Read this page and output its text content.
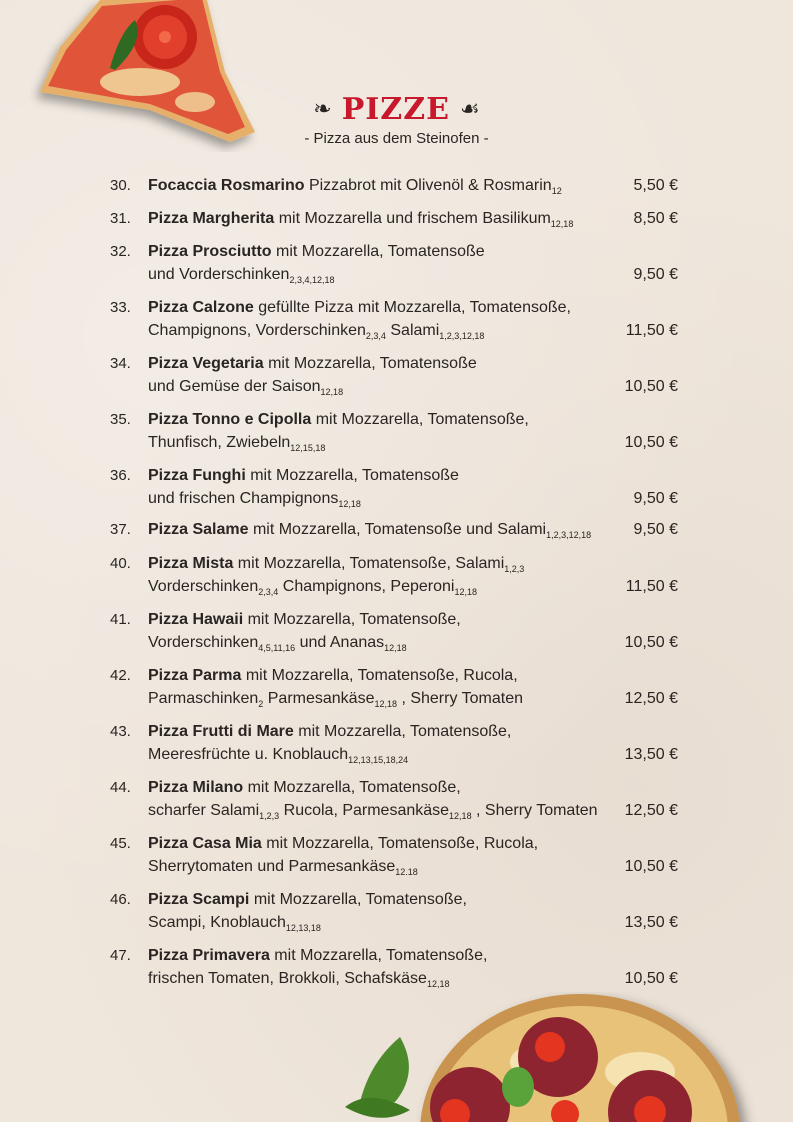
❧ PIZZE ☙
- Pizza aus dem Steinofen -
30.	Focaccia Rosmarino Pizzabrot mit Olivenöl & Rosmarin$_{12}$	5,50 €
31.	Pizza Margherita mit Mozzarella und frischem Basilikum$_{12,18}$	8,50 €
32.	Pizza Prosciutto mit Mozzarella, Tomatensoße
und Vorderschinken$_{2,3,4,12,18}$	9,50 €
33.	Pizza Calzone gefüllte Pizza mit Mozzarella, Tomatensoße,
Champignons, Vorderschinken$_{2,3,4}$ Salami$_{1,2,3,12,18}$	11,50 €
34.	Pizza Vegetaria mit Mozzarella, Tomatensoße
und Gemüse der Saison$_{12,18}$	10,50 €
35.	Pizza Tonno e Cipolla mit Mozzarella, Tomatensoße,
Thunfisch, Zwiebeln$_{12,15,18}$	10,50 €
36.	Pizza Funghi mit Mozzarella, Tomatensoße
und frischen Champignons$_{12,18}$	9,50 €
37.	Pizza Salame mit Mozzarella, Tomatensoße und Salami$_{1,2,3,12,18}$	9,50 €
40.	Pizza Mista mit Mozzarella, Tomatensoße, Salami$_{1,2,3}$
Vorderschinken$_{2,3,4}$ Champignons, Peperoni$_{12,18}$	11,50 €
41.	Pizza Hawaii mit Mozzarella, Tomatensoße,
Vorderschinken$_{4,5,11,16}$ und Ananas$_{12,18}$	10,50 €
42.	Pizza Parma mit Mozzarella, Tomatensoße, Rucola,
Parmaschinken$_2$ Parmesankäse$_{12,18}$ , Sherry Tomaten	12,50 €
43.	Pizza Frutti di Mare mit Mozzarella, Tomatensoße,
Meeresfrüchte u. Knoblauch$_{12,13,15,18,24}$	13,50 €
44.	Pizza Milano mit Mozzarella, Tomatensoße,
scharfer Salami$_{1,2,3}$ Rucola, Parmesankäse$_{12,18}$ , Sherry Tomaten	12,50 €
45.	Pizza Casa Mia mit Mozzarella, Tomatensoße, Rucola,
Sherrytomaten und Parmesankäse$_{12.18}$	10,50 €
46.	Pizza Scampi mit Mozzarella, Tomatensoße,
Scampi, Knoblauch$_{12,13,18}$	13,50 €
47.	Pizza Primavera mit Mozzarella, Tomatensoße,
frischen Tomaten, Brokkoli, Schafskäse$_{12,18}$	10,50 €
